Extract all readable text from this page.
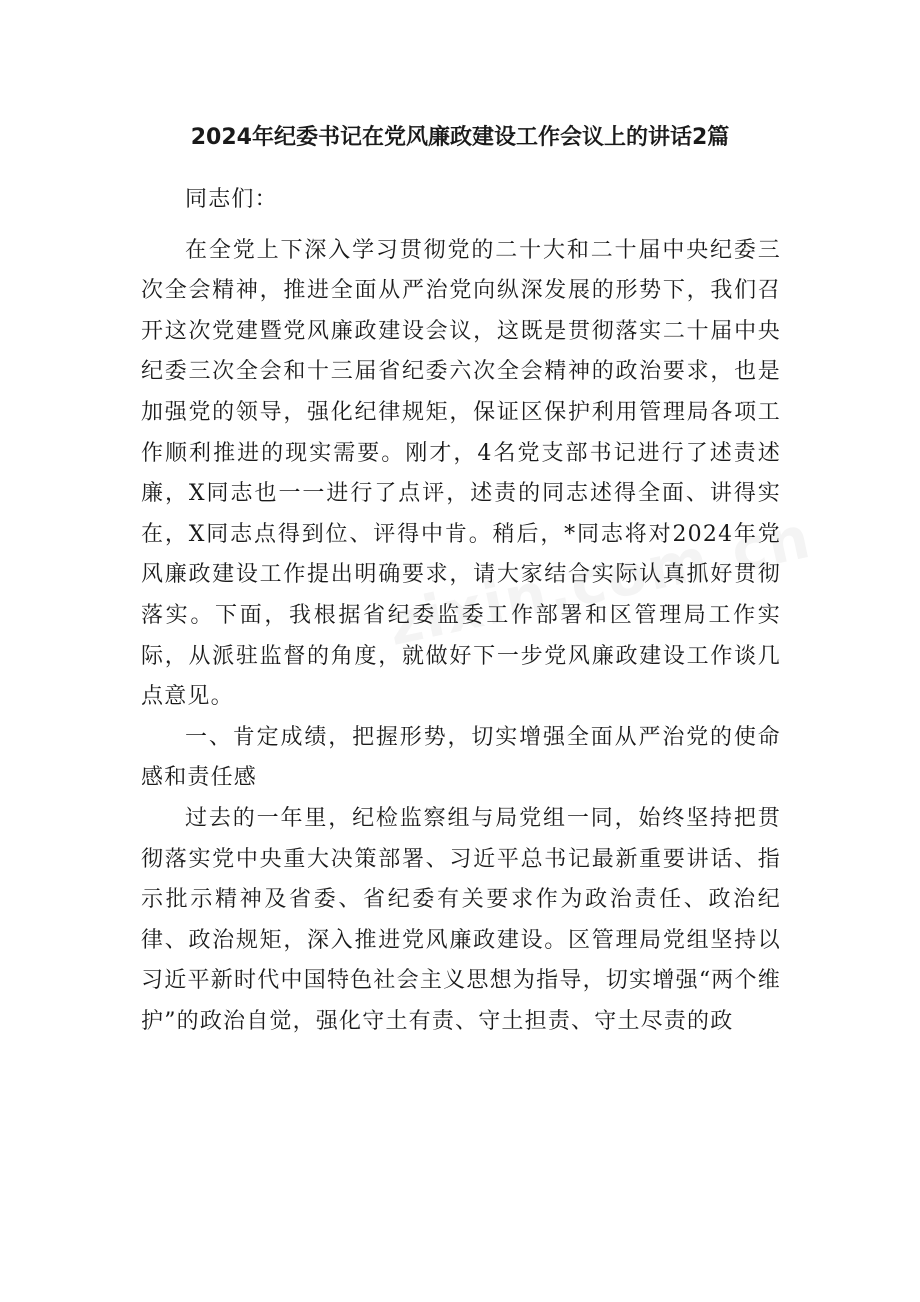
2024年纪委书记在党风廉政建设工作会议上的讲话2篇

同志们：

在全党上下深入学习贯彻党的二十大和二十届中央纪委三次全会精神，推进全面从严治党向纵深发展的形势下，我们召开这次党建暨党风廉政建设会议，这既是贯彻落实二十届中央纪委三次全会和十三届省纪委六次全会精神的政治要求，也是加强党的领导，强化纪律规矩，保证区保护利用管理局各项工作顺利推进的现实需要。刚才，4名党支部书记进行了述责述廉，X同志也一一进行了点评，述责的同志述得全面、讲得实在，X同志点得到位、评得中肯。稍后，*同志将对2024年党风廉政建设工作提出明确要求，请大家结合实际认真抓好贯彻落实。下面，我根据省纪委监委工作部署和区管理局工作实际，从派驻监督的角度，就做好下一步党风廉政建设工作谈几点意见。

一、肯定成绩，把握形势，切实增强全面从严治党的使命感和责任感

过去的一年里，纪检监察组与局党组一同，始终坚持把贯彻落实党中央重大决策部署、习近平总书记最新重要讲话、指示批示精神及省委、省纪委有关要求作为政治责任、政治纪律、政治规矩，深入推进党风廉政建设。区管理局党组坚持以习近平新时代中国特色社会主义思想为指导，切实增强“两个维护”的政治自觉，强化守土有责、守土担责、守土尽责的政
